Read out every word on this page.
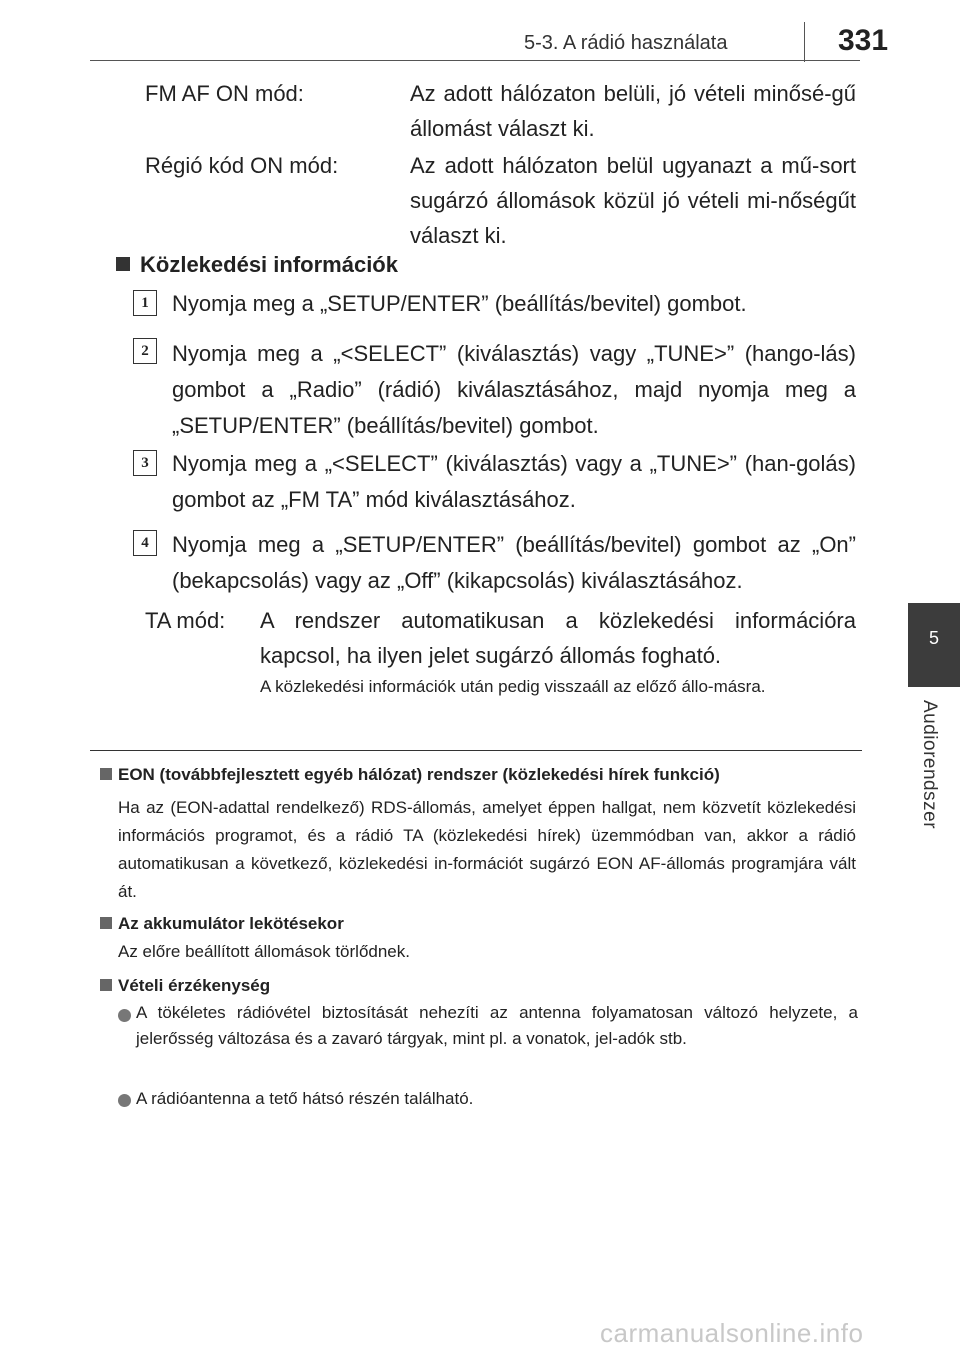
5-3. A rádió használata	331
5
Audiorendszer
FM AF ON mód:	Az adott hálózaton belüli, jó vételi minősé-gű állomást választ ki.
Régió kód ON mód:	Az adott hálózaton belül ugyanazt a mű-sort sugárzó állomások közül jó vételi mi-nőségűt választ ki.
Közlekedési információk
1	Nyomja meg a „SETUP/ENTER” (beállítás/bevitel) gombot.
2	Nyomja meg a „<SELECT” (kiválasztás) vagy „TUNE>” (hango-lás) gombot a „Radio” (rádió) kiválasztásához, majd nyomja meg a „SETUP/ENTER” (beállítás/bevitel) gombot.
3	Nyomja meg a „<SELECT” (kiválasztás) vagy a „TUNE>” (han-golás) gombot az „FM TA” mód kiválasztásához.
4	Nyomja meg a „SETUP/ENTER” (beállítás/bevitel) gombot az „On” (bekapcsolás) vagy az „Off” (kikapcsolás) kiválasztásához.
TA mód: A rendszer automatikusan a közlekedési információra kapcsol, ha ilyen jelet sugárzó állomás fogható.
A közlekedési információk után pedig visszaáll az előző állo-másra.
EON (továbbfejlesztett egyéb hálózat) rendszer (közlekedési hírek funkció)
Ha az (EON-adattal rendelkező) RDS-állomás, amelyet éppen hallgat, nem közvetít közlekedési információs programot, és a rádió TA (közlekedési hírek) üzemmódban van, akkor a rádió automatikusan a következő, közlekedési in-formációt sugárzó EON AF-állomás programjára vált át.
Az akkumulátor lekötésekor
Az előre beállított állomások törlődnek.
Vételi érzékenység
A tökéletes rádióvétel biztosítását nehezíti az antenna folyamatosan változó helyzete, a jelerősség változása és a zavaró tárgyak, mint pl. a vonatok, jel-adók stb.
A rádióantenna a tető hátsó részén található.
carmanualsonline.info
